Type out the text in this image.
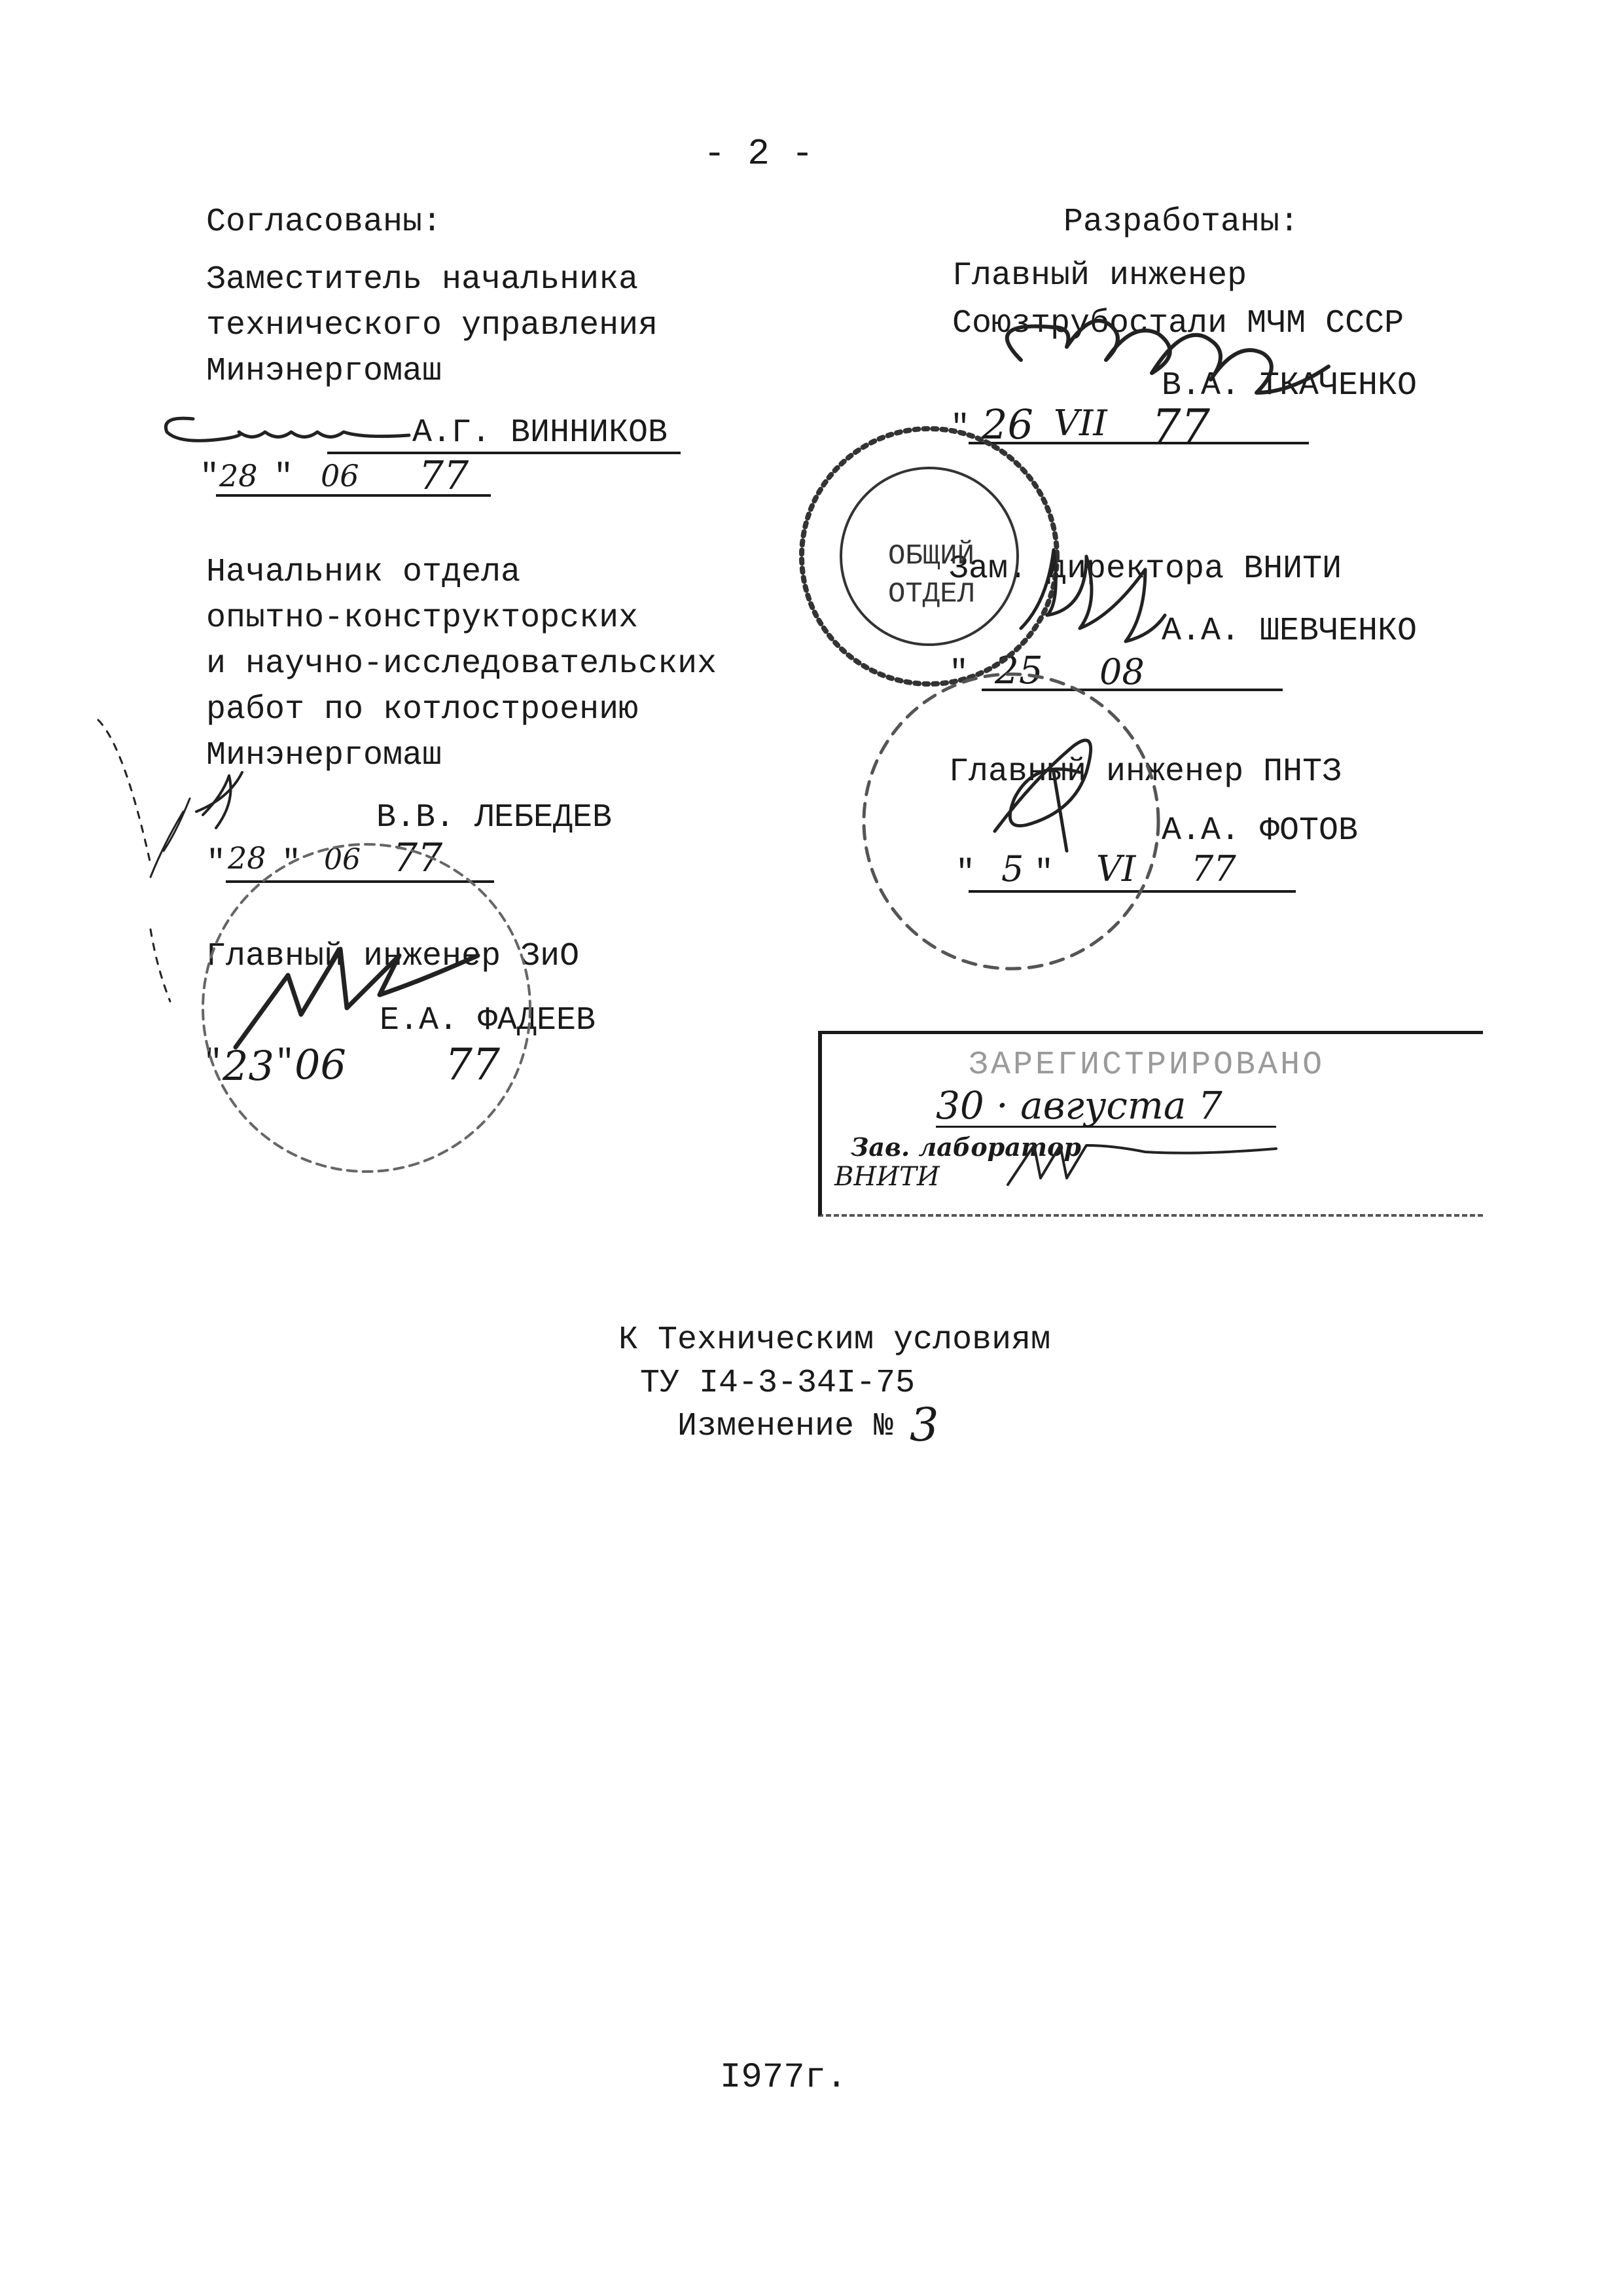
- 2 -
Согласованы:
Заместитель начальника
технического управления
Минэнергомаш
А.Г. ВИННИКОВ
" 28 " 06 77
Начальник отдела
опытно-конструкторских
и научно-исследовательских
работ по котлостроению
Минэнергомаш
В.В. ЛЕБЕДЕВ
" 28 " 06 77
Главный инженер ЗиО
Е.А. ФАДЕЕВ
" 23 " 06 77
Разработаны:
Главный инженер
Союзтрубостали МЧМ СССР
В.А. ТКАЧЕНКО
" 26 VII 77
Зам. директора ВНИТИ
А.А. ШЕВЧЕНКО
" 25 08
Главный инженер ПНТЗ
А.А. ФОТОВ
" 5 " VI 77
ОБЩИЙ
ОТДЕЛ
ЗАРЕГИСТРИРОВАНО
30 · августа 7
Зав. лаборатор
ВНИТИ
К Техническим условиям
ТУ I4-3-34I-75
Изменение № 3
I977г.
